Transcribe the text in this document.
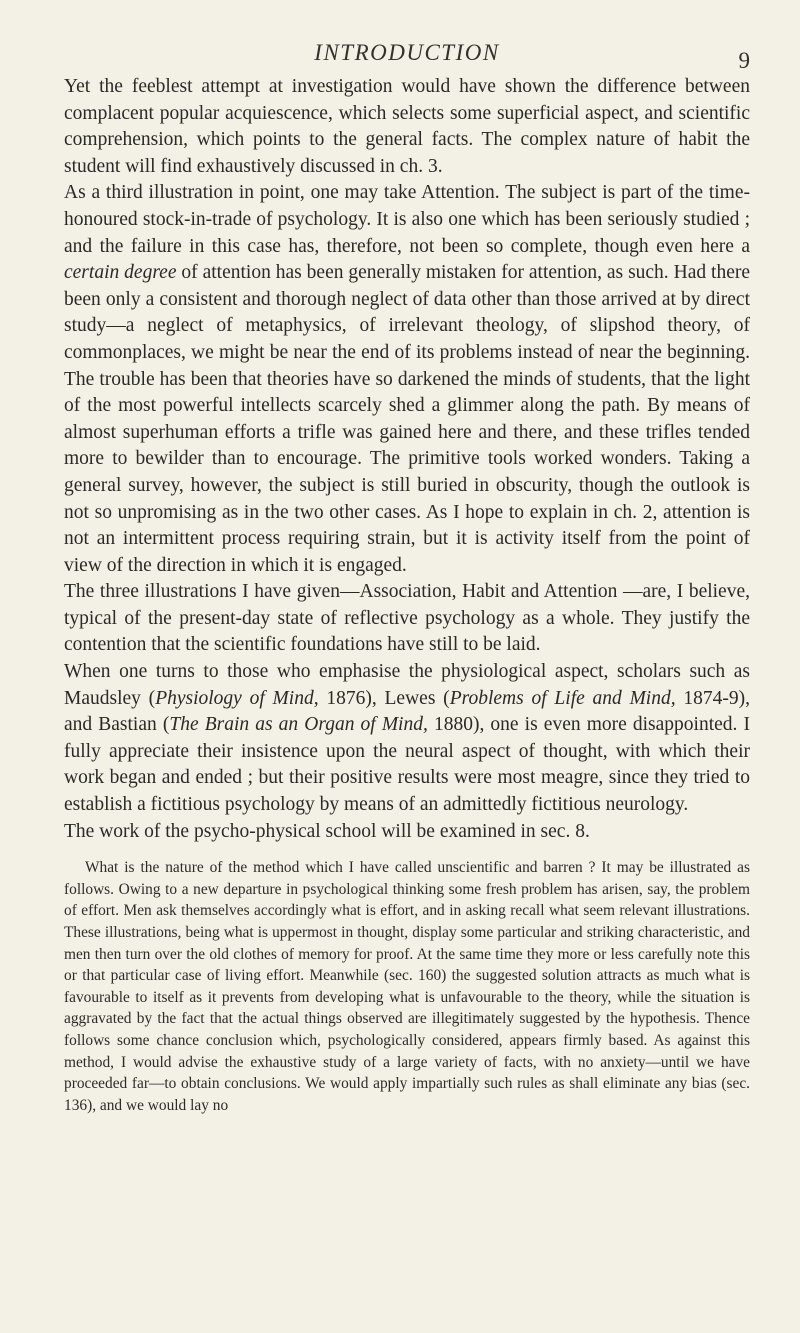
INTRODUCTION	9

Yet the feeblest attempt at investigation would have shown the difference between complacent popular acquiescence, which selects some superficial aspect, and scientific comprehension, which points to the general facts. The complex nature of habit the student will find exhaustively discussed in ch. 3.

As a third illustration in point, one may take Attention. The subject is part of the time-honoured stock-in-trade of psychology. It is also one which has been seriously studied ; and the failure in this case has, therefore, not been so complete, though even here a certain degree of attention has been generally mistaken for attention, as such. Had there been only a consistent and thorough neglect of data other than those arrived at by direct study—a neglect of metaphysics, of irrelevant theology, of slipshod theory, of commonplaces, we might be near the end of its problems instead of near the beginning. The trouble has been that theories have so darkened the minds of students, that the light of the most powerful intellects scarcely shed a glimmer along the path. By means of almost superhuman efforts a trifle was gained here and there, and these trifles tended more to bewilder than to encourage. The primitive tools worked wonders. Taking a general survey, however, the subject is still buried in obscurity, though the outlook is not so unpromising as in the two other cases. As I hope to explain in ch. 2, attention is not an intermittent process requiring strain, but it is activity itself from the point of view of the direction in which it is engaged.

The three illustrations I have given—Association, Habit and Attention —are, I believe, typical of the present-day state of reflective psychology as a whole. They justify the contention that the scientific foundations have still to be laid.

When one turns to those who emphasise the physiological aspect, scholars such as Maudsley (Physiology of Mind, 1876), Lewes (Problems of Life and Mind, 1874-9), and Bastian (The Brain as an Organ of Mind, 1880), one is even more disappointed. I fully appreciate their insistence upon the neural aspect of thought, with which their work began and ended ; but their positive results were most meagre, since they tried to establish a fictitious psychology by means of an admittedly fictitious neurology.

The work of the psycho-physical school will be examined in sec. 8.

What is the nature of the method which I have called unscientific and barren ? It may be illustrated as follows. Owing to a new departure in psychological thinking some fresh problem has arisen, say, the problem of effort. Men ask themselves accordingly what is effort, and in asking recall what seem relevant illustrations. These illustrations, being what is uppermost in thought, display some particular and striking characteristic, and men then turn over the old clothes of memory for proof. At the same time they more or less carefully note this or that particular case of living effort. Meanwhile (sec. 160) the suggested solution attracts as much what is favourable to itself as it prevents from developing what is unfavourable to the theory, while the situation is aggravated by the fact that the actual things observed are illegitimately suggested by the hypothesis. Thence follows some chance conclusion which, psychologically considered, appears firmly based. As against this method, I would advise the exhaustive study of a large variety of facts, with no anxiety—until we have proceeded far—to obtain conclusions. We would apply impartially such rules as shall eliminate any bias (sec. 136), and we would lay no
